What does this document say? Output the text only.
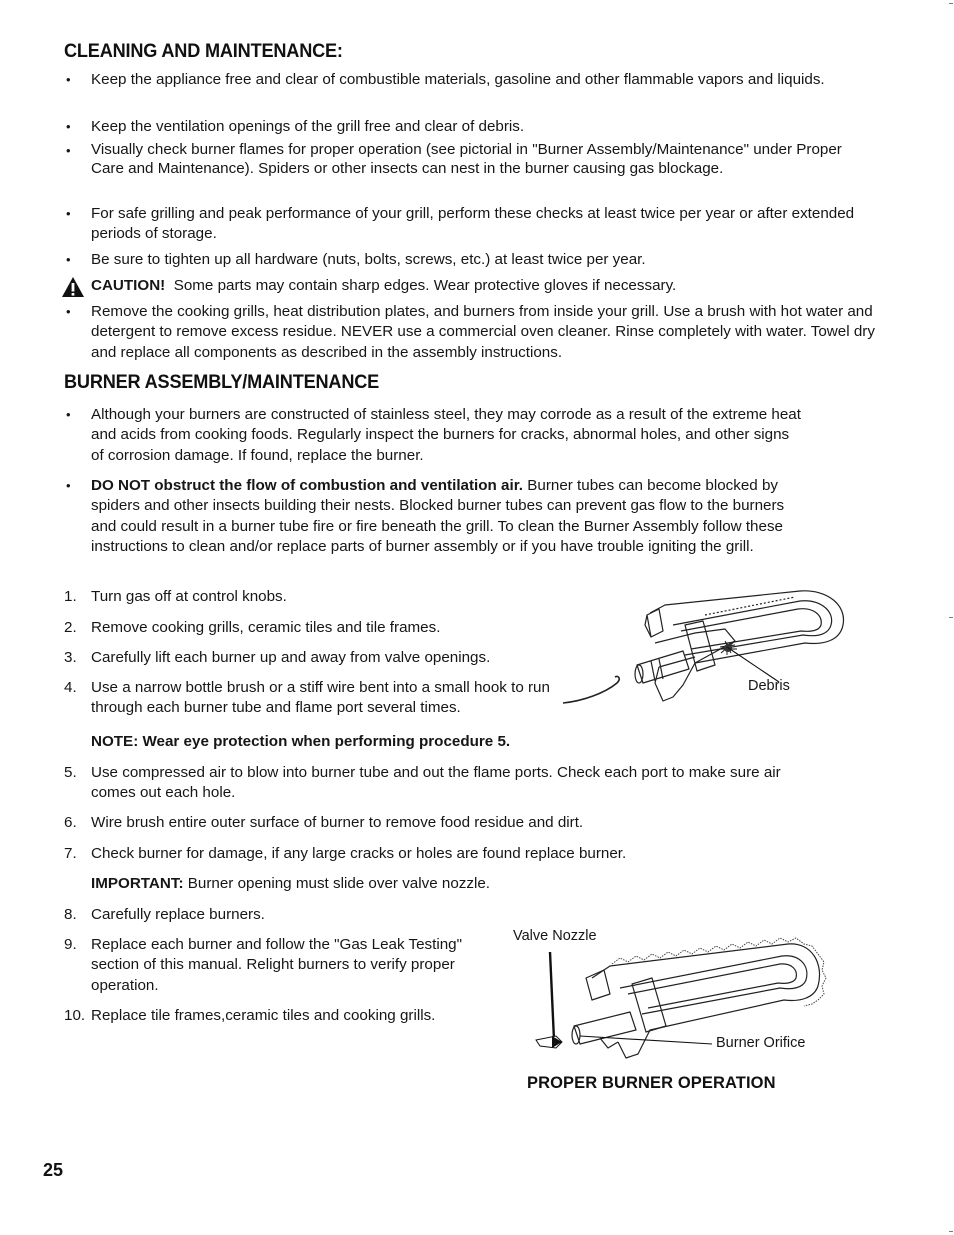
CLEANING AND MAINTENANCE:
•	Keep the appliance free and clear of combustible materials, gasoline and other flammable vapors and liquids.
•	Keep the ventilation openings of the grill free and clear of debris.
•	Visually check burner flames for proper operation (see pictorial in "Burner Assembly/Maintenance" under Proper Care and Maintenance). Spiders or other insects can nest in the burner causing gas blockage.
•	For safe grilling and peak performance of your grill, perform these checks at least twice per year or after extended periods of storage.
•	Be sure to tighten up all hardware (nuts, bolts, screws, etc.) at least twice per year.
CAUTION! Some parts may contain sharp edges. Wear protective gloves if necessary.
•	Remove the cooking grills, heat distribution plates, and burners from inside your grill. Use a brush with hot water and detergent to remove excess residue. NEVER use a commercial oven cleaner. Rinse completely with water. Towel dry and replace all components as described in the assembly instructions.
BURNER ASSEMBLY/MAINTENANCE
•	Although your burners are constructed of stainless steel, they may corrode as a result of the extreme heat and acids from cooking foods. Regularly inspect the burners for cracks, abnormal holes, and other signs of corrosion damage. If found, replace the burner.
•	DO NOT obstruct the flow of combustion and ventilation air. Burner tubes can become blocked by spiders and other insects building their nests. Blocked burner tubes can prevent gas flow to the burners and could result in a burner tube fire or fire beneath the grill. To clean the Burner Assembly follow these instructions to clean and/or replace parts of burner assembly or if you have trouble igniting the grill.
1. Turn gas off at control knobs.
2. Remove cooking grills, ceramic tiles and tile frames.
3. Carefully lift each burner up and away from valve openings.
4. Use a narrow bottle brush or a stiff wire bent into a small hook to run through each burner tube and flame port several times.
NOTE: Wear eye protection when performing procedure 5.
5. Use compressed air to blow into burner tube and out the flame ports. Check each port to make sure air comes out each hole.
6. Wire brush entire outer surface of burner to remove food residue and dirt.
7. Check burner for damage, if any large cracks or holes are found replace burner.
IMPORTANT: Burner opening must slide over valve nozzle.
8. Carefully replace burners.
9. Replace each burner and follow the "Gas Leak Testing" section of this manual. Relight burners to verify proper operation.
10. Replace tile frames,ceramic tiles and cooking grills.
Debris
Valve Nozzle
Burner Orifice
PROPER BURNER OPERATION
25
